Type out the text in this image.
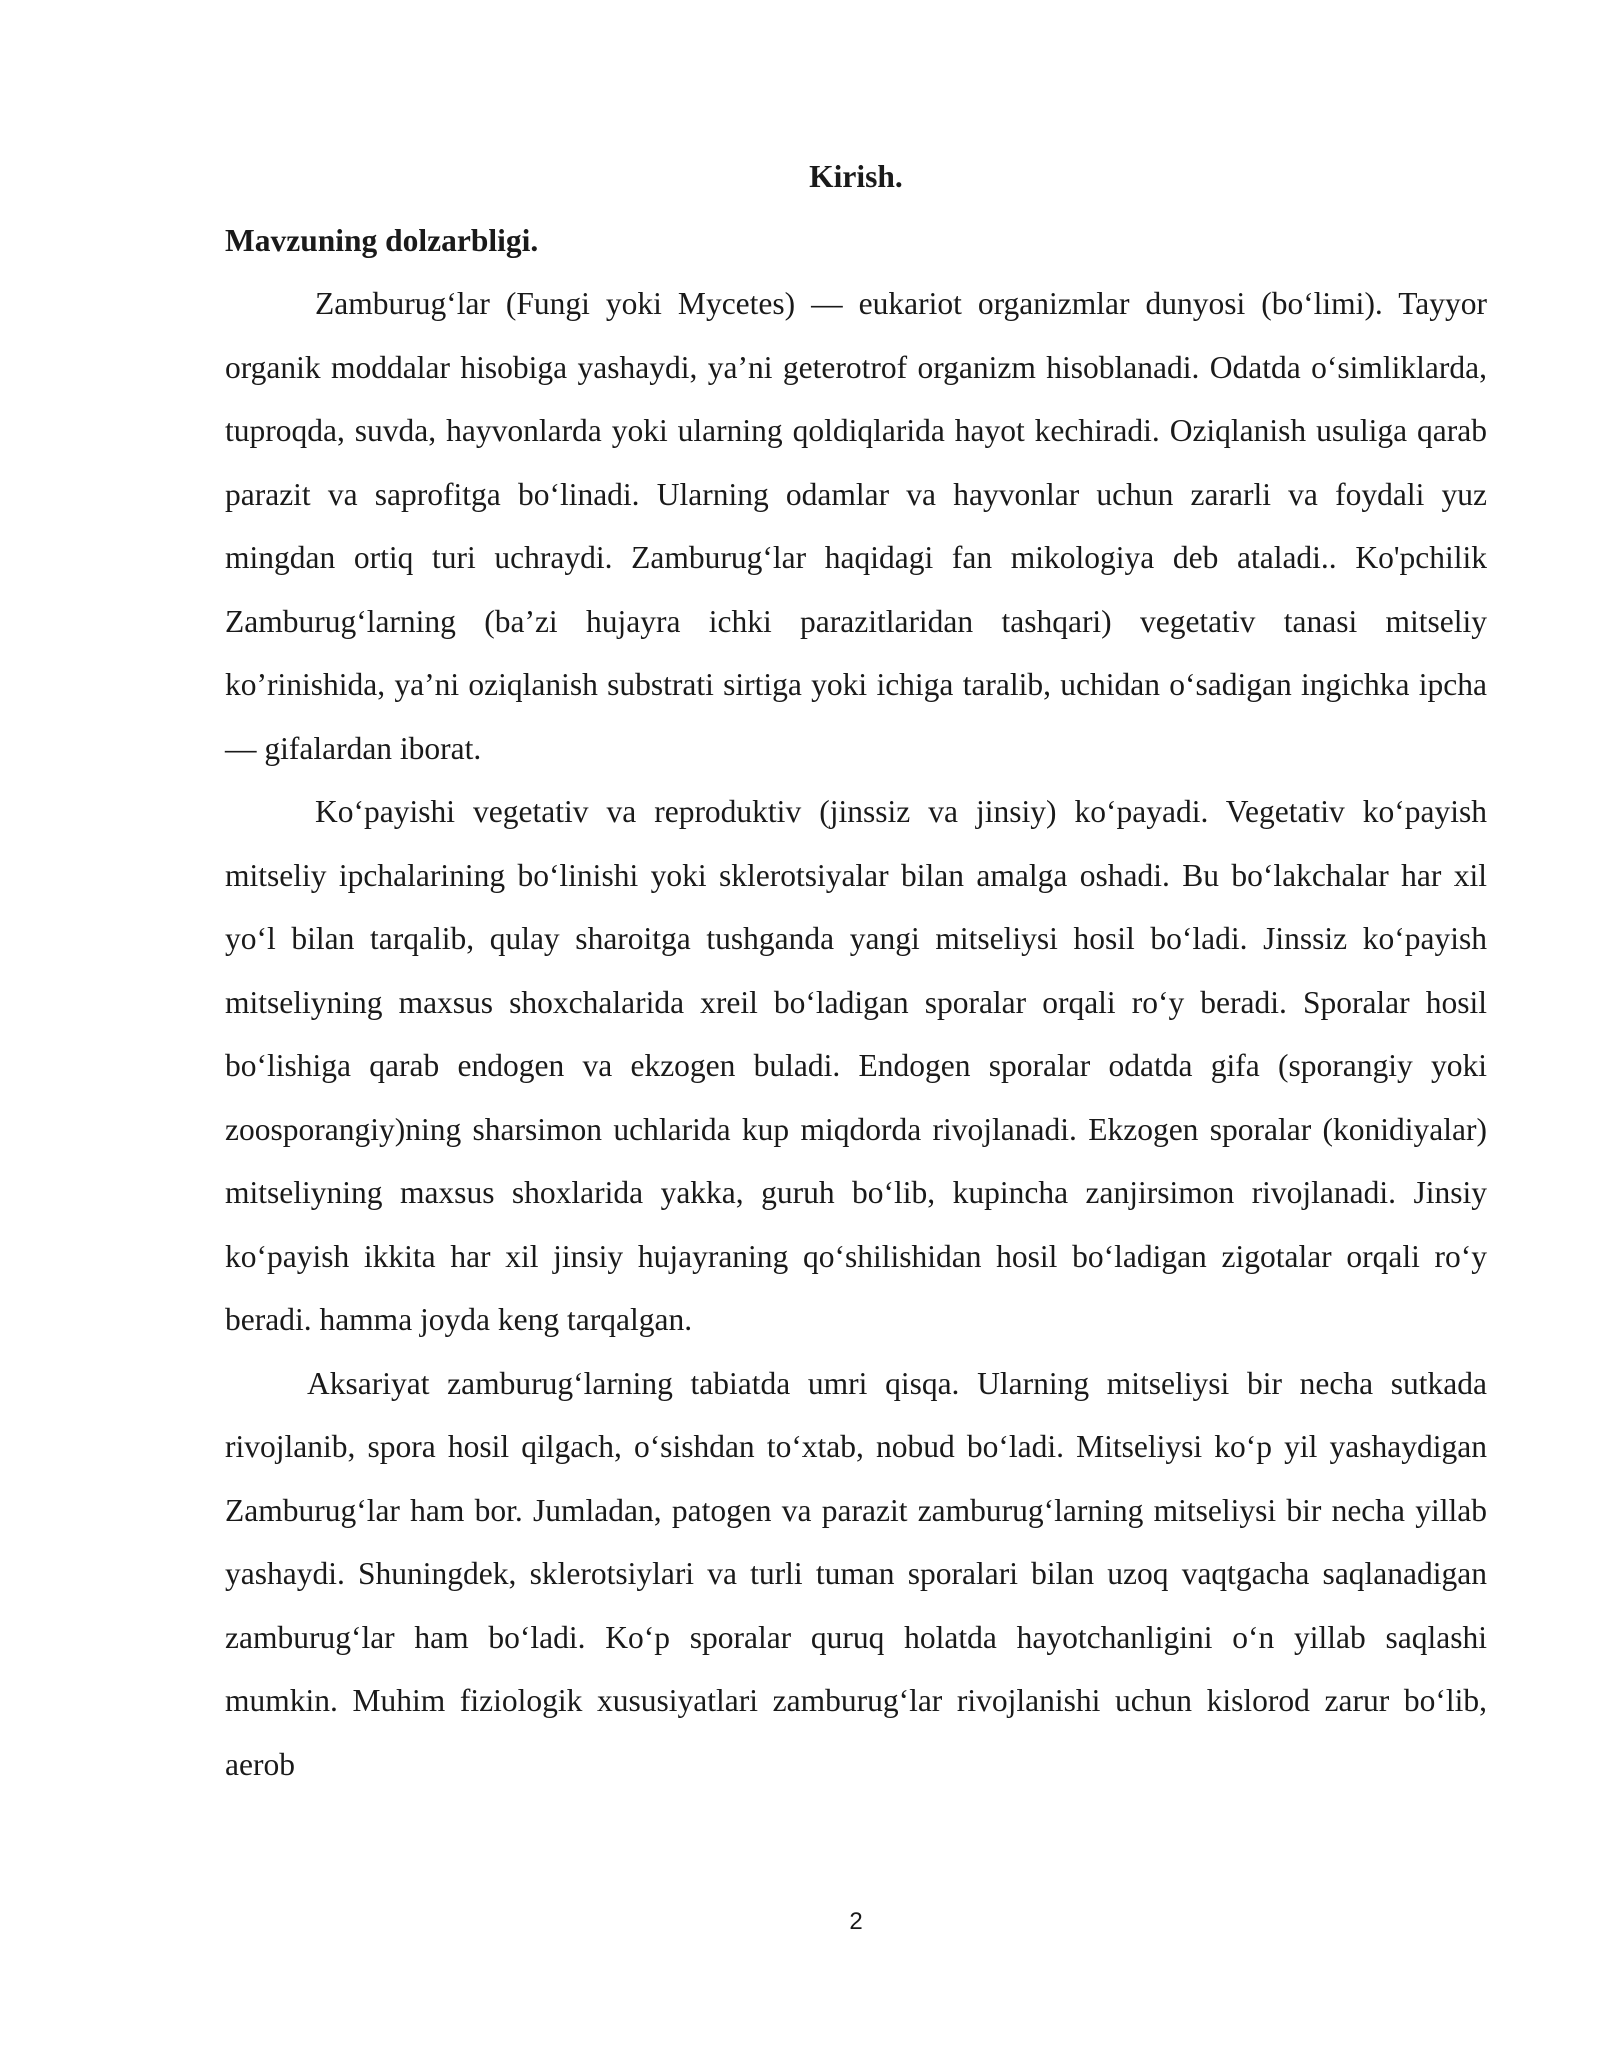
Kirish.

Mavzuning dolzarbligi.

Zamburug‘lar (Fungi yoki Mycetes) — eukariot organizmlar dunyosi (bo‘limi). Tayyor organik moddalar hisobiga yashaydi, ya’ni geterotrof organizm hisoblanadi. Odatda o‘simliklarda, tuproqda, suvda, hayvonlarda yoki ularning qoldiqlarida hayot kechiradi. Oziqlanish usuliga qarab parazit va saprofitga bo‘linadi. Ularning odamlar va hayvonlar uchun zararli va foydali yuz mingdan ortiq turi uchraydi. Zamburug‘lar haqidagi fan mikologiya deb ataladi.. Ko'pchilik Zamburug‘larning (ba’zi hujayra ichki parazitlaridan tashqari) vegetativ tanasi mitseliy ko’rinishida, ya’ni oziqlanish substrati sirtiga yoki ichiga taralib, uchidan o‘sadigan ingichka ipcha — gifalardan iborat.

Ko‘payishi vegetativ va reproduktiv (jinssiz va jinsiy) ko‘payadi. Vegetativ ko‘payish mitseliy ipchalarining bo‘linishi yoki sklerotsiyalar bilan amalga oshadi. Bu bo‘lakchalar har xil yo‘l bilan tarqalib, qulay sharoitga tushganda yangi mitseliysi hosil bo‘ladi. Jinssiz ko‘payish mitseliyning maxsus shoxchalarida xreil bo‘ladigan sporalar orqali ro‘y beradi. Sporalar hosil bo‘lishiga qarab endogen va ekzogen buladi. Endogen sporalar odatda gifa (sporangiy yoki zoosporangiy)ning sharsimon uchlarida kup miqdorda rivojlanadi. Ekzogen sporalar (konidiyalar) mitseliyning maxsus shoxlarida yakka, guruh bo‘lib, kupincha zanjirsimon rivojlanadi. Jinsiy ko‘payish ikkita har xil jinsiy hujayraning qo‘shilishidan hosil bo‘ladigan zigotalar orqali ro‘y beradi. hamma joyda keng tarqalgan.

Aksariyat zamburug‘larning tabiatda umri qisqa. Ularning mitseliysi bir necha sutkada rivojlanib, spora hosil qilgach, o‘sishdan to‘xtab, nobud bo‘ladi. Mitseliysi ko‘p yil yashaydigan Zamburug‘lar ham bor. Jumladan, patogen va parazit zamburug‘larning mitseliysi bir necha yillab yashaydi. Shuningdek, sklerotsiylari va turli tuman sporalari bilan uzoq vaqtgacha saqlanadigan zamburug‘lar ham bo‘ladi. Ko‘p sporalar quruq holatda hayotchanligini o‘n yillab saqlashi mumkin. Muhim fiziologik xususiyatlari zamburug‘lar rivojlanishi uchun kislorod zarur bo‘lib, aerob

2
